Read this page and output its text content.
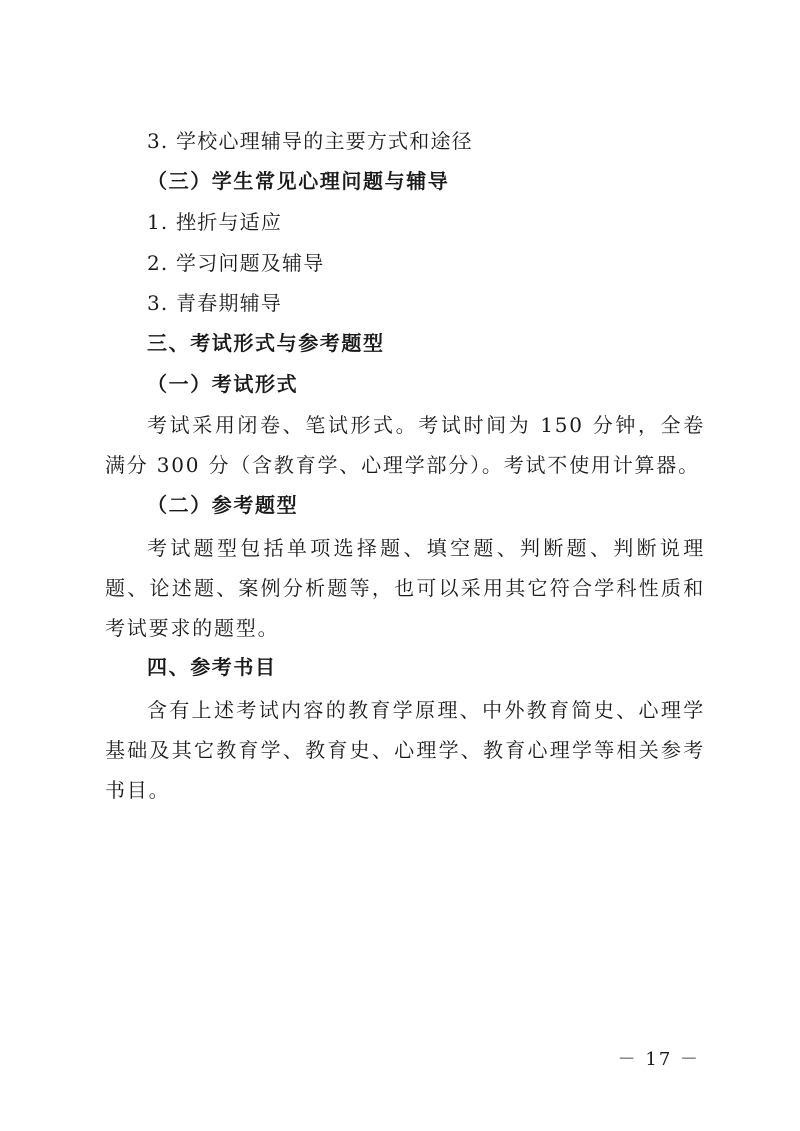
3. 学校心理辅导的主要方式和途径
（三）学生常见心理问题与辅导
1. 挫折与适应
2. 学习问题及辅导
3. 青春期辅导
三、考试形式与参考题型
（一）考试形式
考试采用闭卷、笔试形式。考试时间为 150 分钟，全卷满分 300 分（含教育学、心理学部分）。考试不使用计算器。
（二）参考题型
考试题型包括单项选择题、填空题、判断题、判断说理题、论述题、案例分析题等，也可以采用其它符合学科性质和考试要求的题型。
四、参考书目
含有上述考试内容的教育学原理、中外教育简史、心理学基础及其它教育学、教育史、心理学、教育心理学等相关参考书目。
－ 17 －
